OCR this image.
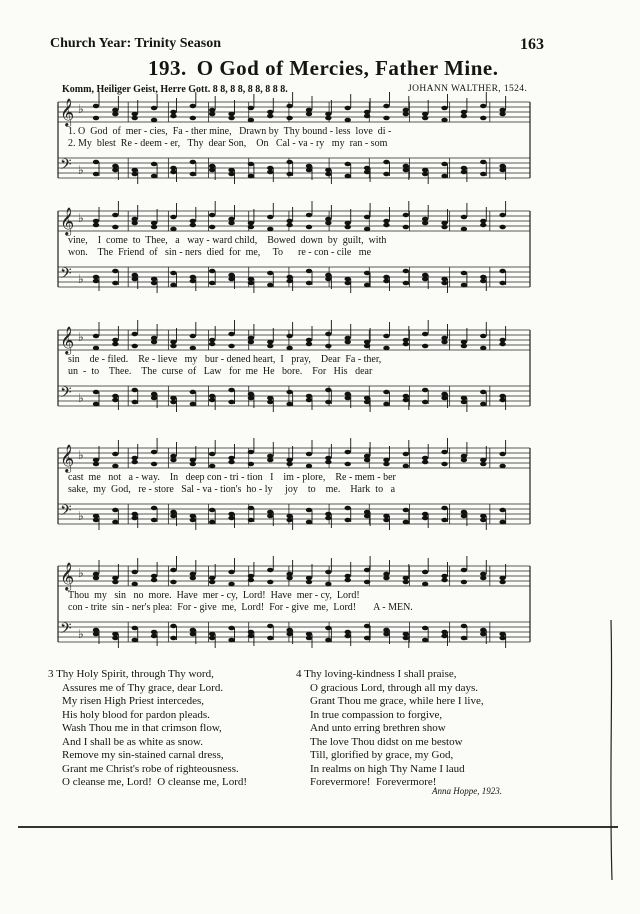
Church Year: Trinity Season	163
193. O God of Mercies, Father Mine.
Komm, Heiliger Geist, Herre Gott. 8 8, 8 8, 8 8, 8 8 8.	JOHANN WALTHER, 1524.
𝄞 ♭
𝄢 ♭
1. O  God  of  mer - cies,  Fa - ther mine,   Drawn by  Thy bound - less  love  di -
2. My  blest  Re - deem - er,   Thy  dear Son,    On   Cal - va - ry   my  ran - som
𝄞 ♭
𝄢 ♭
vine,    I  come  to  Thee,   a   way - ward child,    Bowed  down  by  guilt,  with
won.    The  Friend  of   sin - ners  died  for  me,     To      re - con - cile   me
𝄞 ♭
𝄢 ♭
sin    de - filed.    Re - lieve   my   bur - dened heart,  I   pray,    Dear  Fa - ther,
un  -  to    Thee.    The  curse  of   Law   for  me  He   bore.    For   His   dear
𝄞 ♭
𝄢 ♭
cast  me   not   a - way.    In   deep con - tri - tion   I    im - plore,    Re - mem - ber
sake,  my  God,   re - store   Sal - va - tion's  ho - ly     joy    to    me.    Hark  to   a
𝄞 ♭
𝄢 ♭
Thou  my   sin   no  more.  Have  mer - cy,  Lord!  Have  mer - cy,  Lord!
con - trite  sin - ner's plea:  For - give  me,  Lord!  For - give  me,  Lord!       A - MEN.
3 Thy Holy Spirit, through Thy word,
Assures me of Thy grace, dear Lord.
My risen High Priest intercedes,
His holy blood for pardon pleads.
Wash Thou me in that crimson flow,
And I shall be as white as snow.
Remove my sin-stained carnal dress,
Grant me Christ's robe of righteousness.
O cleanse me, Lord!  O cleanse me, Lord!
4 Thy loving-kindness I shall praise,
O gracious Lord, through all my days.
Grant Thou me grace, while here I live,
In true compassion to forgive,
And unto erring brethren show
The love Thou didst on me bestow
Till, glorified by grace, my God,
In realms on high Thy Name I laud
Forevermore!  Forevermore!
Anna Hoppe, 1923.
